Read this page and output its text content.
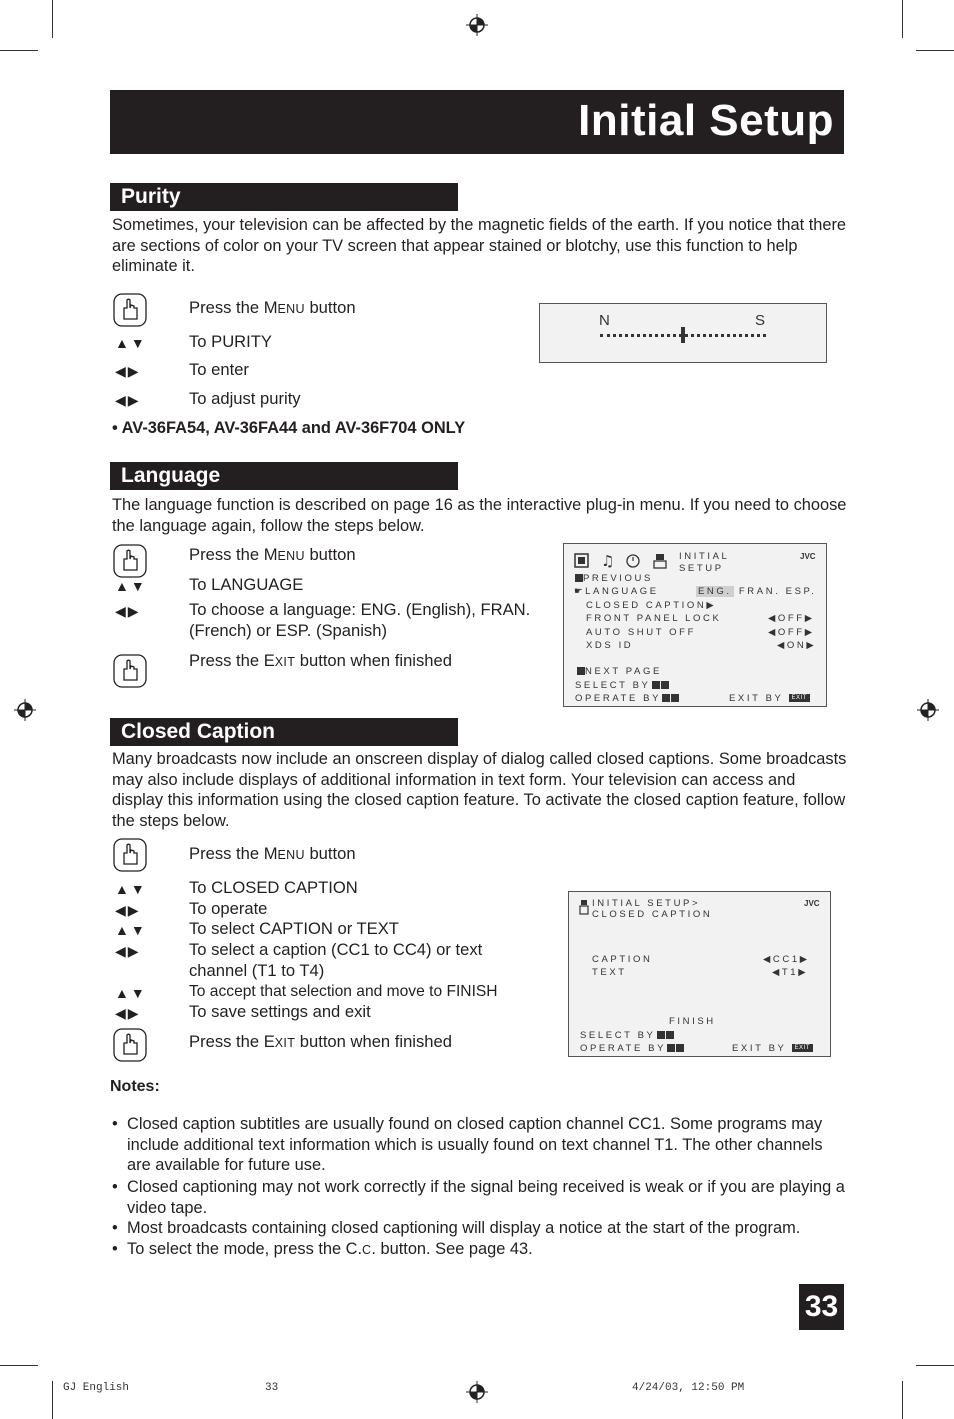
Initial Setup
Purity
Sometimes, your television can be affected by the magnetic fields of the earth. If you notice that there are sections of color on your TV screen that appear stained or blotchy, use this function to help eliminate it.
Press the MENU button
▲▼	To PURITY
◀▶	To enter
◀▶	To adjust purity
• AV-36FA54, AV-36FA44 and AV-36F704 ONLY
N	S
Language
The language function is described on page 16 as the interactive plug-in menu. If you need to choose the language again, follow the steps below.
Press the MENU button
▲▼	To LANGUAGE
◀▶	To choose a language: ENG. (English), FRAN. (French) or ESP. (Spanish)
Press the EXIT button when finished
♫	INITIAL
SETUP
JVC
PREVIOUS
☛LANGUAGE	ENG. FRAN. ESP.
CLOSED CAPTION▶
FRONT PANEL LOCK	◀OFF▶
AUTO SHUT OFF	◀OFF▶
XDS ID	◀ON▶
NEXT PAGE
SELECT BY
OPERATE BY	EXIT BY EXIT
Closed Caption
Many broadcasts now include an onscreen display of dialog called closed captions. Some broadcasts may also include displays of additional information in text form. Your television can access and display this information using the closed caption feature. To activate the closed caption feature, follow the steps below.
Press the MENU button
▲▼	To CLOSED CAPTION
◀▶	To operate
▲▼	To select CAPTION or TEXT
◀▶	To select a caption (CC1 to CC4) or text channel (T1 to T4)
▲▼	To accept that selection and move to FINISH
◀▶	To save settings and exit
Press the EXIT button when finished
INITIAL SETUP>
CLOSED CAPTION
JVC
CAPTION	◀CC1▶
TEXT	◀T1▶
FINISH
SELECT BY
OPERATE BY	EXIT BY EXIT
Notes:
• Closed caption subtitles are usually found on closed caption channel CC1. Some programs may include additional text information which is usually found on text channel T1. The other channels are available for future use.
• Closed captioning may not work correctly if the signal being received is weak or if you are playing a video tape.
• Most broadcasts containing closed captioning will display a notice at the start of the program.
• To select the mode, press the C.C. button. See page 43.
33
GJ English	33	4/24/03, 12:50 PM
